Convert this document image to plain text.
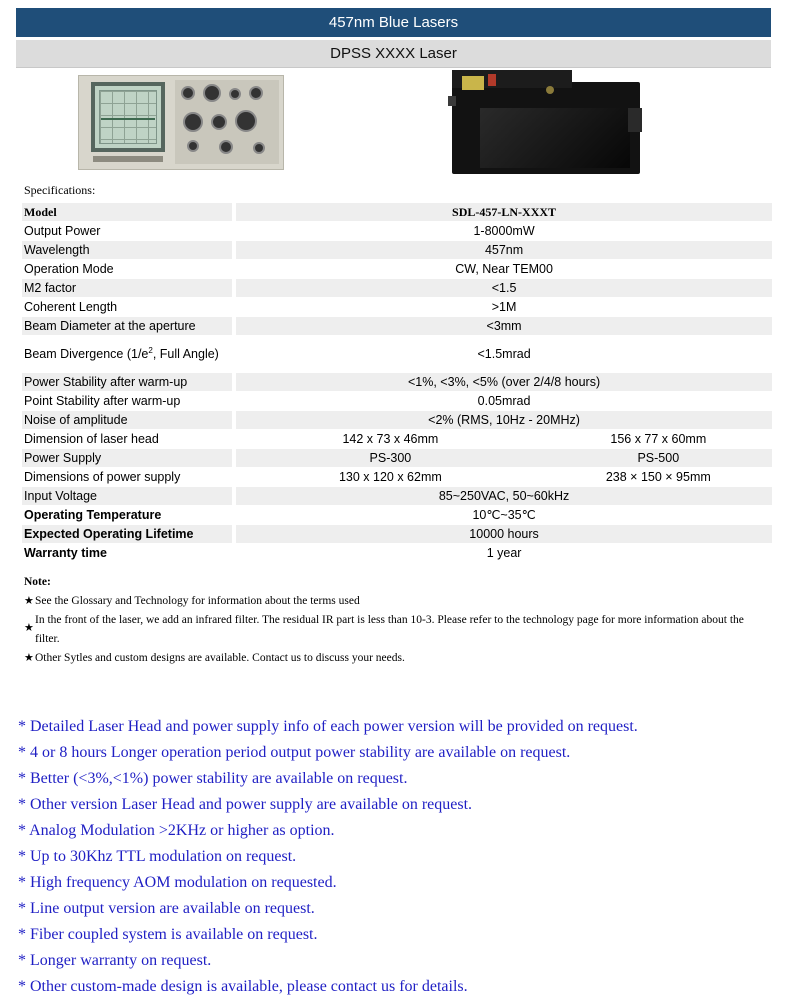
457nm Blue Lasers
DPSS XXXX Laser
Specifications:
Model		SDL-457-LN-XXXT	
Output Power		1-8000mW	
Wavelength		457nm	
Operation Mode		CW, Near TEM00	
M2 factor		<1.5	
Coherent Length		>1M	
Beam Diameter at the aperture		<3mm	
Beam Divergence ($1/e^2$, Full Angle)		<1.5mrad	
Power Stability after warm-up		<1%, <3%, <5% (over 2/4/8 hours)	
Point Stability after warm-up		0.05mrad	
Noise of amplitude		<2% (RMS, 10Hz - 20MHz)	
Dimension of laser head		142 x 73 x 46mm	156 x 77 x 60mm
Power Supply		PS-300	PS-500
Dimensions of power supply		130 x 120 x 62mm	238 × 150 × 95mm
Input Voltage		85~250VAC, 50~60kHz	
Operating Temperature		10℃~35℃	
Expected Operating Lifetime		10000 hours	
Warranty time		1 year	
Note:
★See the Glossary and Technology for information about the terms used
★
In the front of the laser, we add an infrared filter. The residual IR part is less than 10-3. Please refer to the technology page for more information about the filter.
★Other Sytles and custom designs are available. Contact us to discuss your needs.
* Detailed Laser Head and power supply info of each power version will be provided on request.
* 4 or 8 hours Longer operation period output power stability are available on request.
* Better (<3%,<1%) power stability are available on request.
* Other version Laser Head and power supply are available on request.
* Analog Modulation >2KHz or higher as option.
* Up to 30Khz TTL modulation on request.
* High frequency AOM modulation on requested.
* Line output version are available on request.
* Fiber coupled system is available on request.
* Longer warranty on request.
* Other custom-made design is available, please contact us for details.
